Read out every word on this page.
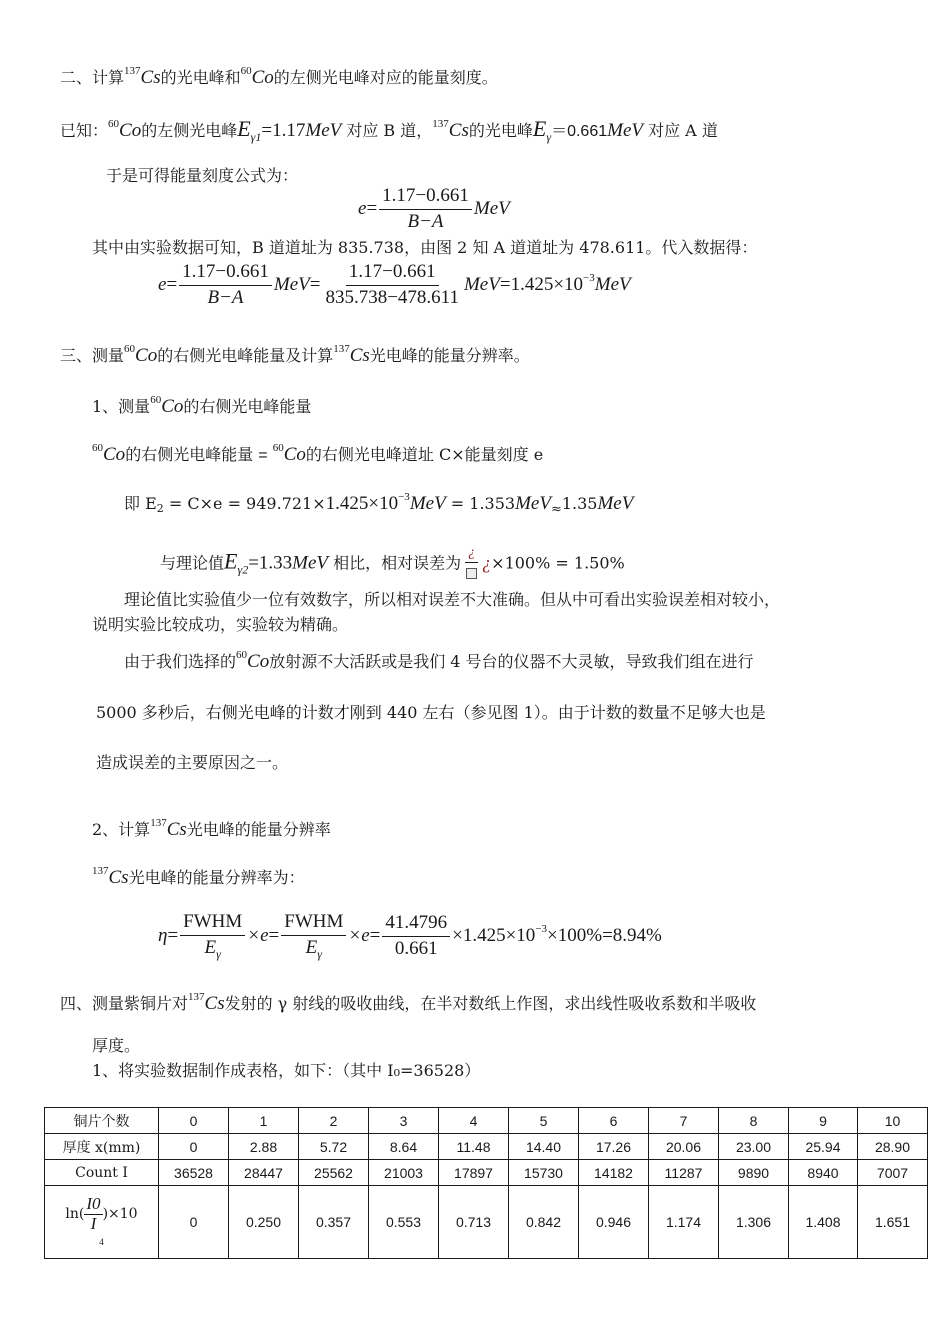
二、计算$^{137}$Cs的光电峰和$^{60}$Co的左侧光电峰对应的能量刻度。
已知：$^{60}$Co的左侧光电峰$E_{\gamma 1}=1.17MeV$ 对应 B 道，$^{137}$Cs的光电峰$E_\gamma=0.661MeV$ 对应 A 道
于是可得能量刻度公式为：
$e= \frac{1.17-0.661}{B-A}$ MeV
其中由实验数据可知，B 道道址为 835.738，由图 2 知 A 道道址为 478.611。代入数据得：
$e= \frac{1.17-0.661}{B-A} MeV= \frac{1.17-0.661}{835.738-478.611} MeV=1.425\times 10^{-3}MeV$
三、测量$^{60}$Co的右侧光电峰能量及计算$^{137}$Cs光电峰的能量分辨率。
1、测量$^{60}$Co的右侧光电峰能量
$^{60}$Co的右侧光电峰能量 = $^{60}$Co的右侧光电峰道址 C×能量刻度 e
即 $E2 = C\times e = 949.721\times 1.425\times 10^{-3}MeV = 1.353MeV_\approx 1.35MeV$
与理论值$E_{\gamma 2}=1.33MeV$ 相比，相对误差为
¿ ¿×100% = 1.50%
理论值比实验值少一位有效数字，所以相对误差不大准确。但从中可看出实验误差相对较小，
说明实验比较成功，实验较为精确。
由于我们选择的$^{60}$Co放射源不大活跃或是我们 4 号台的仪器不大灵敏，导致我们组在进行
5000 多秒后，右侧光电峰的计数才刚到 440 左右（参见图 1）。由于计数的数量不足够大也是
造成误差的主要原因之一。
2、计算$^{137}$Cs光电峰的能量分辨率
$^{137}$Cs光电峰的能量分辨率为：
$\eta= \frac{\text{FWHM}}{E_\gamma} \times e= \frac{\text{FWHM}}{E_\gamma} \times e= \frac{41.4796}{0.661} \times 1.425\times 10^{-3}\times 100\%=8.94\%$
四、测量紫铜片对$^{137}$Cs发射的 γ 射线的吸收曲线，在半对数纸上作图，求出线性吸收系数和半吸收
厚度。
1、将实验数据制作成表格，如下：（其中 I₀=36528）
铜片个数	0	1	2	3	4	5	6	7	8	9	10
厚度 x(mm)	0	2.88	5.72	8.64	11.48	14.40	17.26	20.06	23.00	25.94	28.90
Count I	36528	28447	25562	21003	17897	15730	14182	11287	9890	8940	7007
$\ln( \frac{I0}{I} )\times 10$
4	0	0.250	0.357	0.553	0.713	0.842	0.946	1.174	1.306	1.408	1.651
